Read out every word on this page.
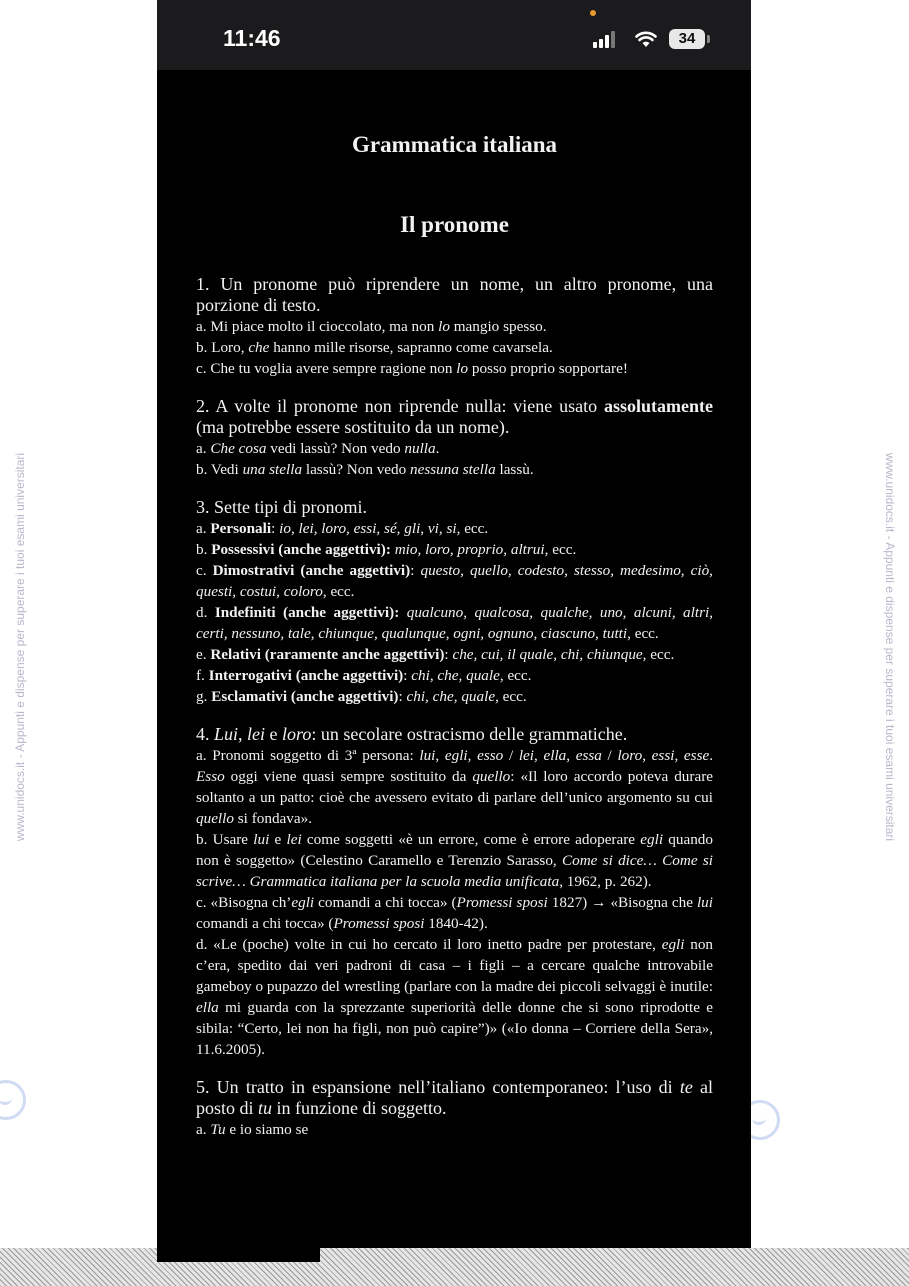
www.unidocs.it - Appunti e dispense per superare i tuoi esami universitari	www.unidocs.it - Appunti e dispense per superare i tuoi esami universitari
11:46	34
Grammatica italiana
Il pronome
1. Un pronome può riprendere un nome, un altro pronome, una porzione di testo.
a. Mi piace molto il cioccolato, ma non lo mangio spesso.
b. Loro, che hanno mille risorse, sapranno come cavarsela.
c. Che tu voglia avere sempre ragione non lo posso proprio sopportare!
2. A volte il pronome non riprende nulla: viene usato assolutamente (ma potrebbe essere sostituito da un nome).
a. Che cosa vedi lassù? Non vedo nulla.
b. Vedi una stella lassù? Non vedo nessuna stella lassù.
3. Sette tipi di pronomi.
a. Personali: io, lei, loro, essi, sé, gli, vi, si, ecc.
b. Possessivi (anche aggettivi): mio, loro, proprio, altrui, ecc.
c. Dimostrativi (anche aggettivi): questo, quello, codesto, stesso, medesimo, ciò, questi, costui, coloro, ecc.
d. Indefiniti (anche aggettivi): qualcuno, qualcosa, qualche, uno, alcuni, altri, certi, nessuno, tale, chiunque, qualunque, ogni, ognuno, ciascuno, tutti, ecc.
e. Relativi (raramente anche aggettivi): che, cui, il quale, chi, chiunque, ecc.
f. Interrogativi (anche aggettivi): chi, che, quale, ecc.
g. Esclamativi (anche aggettivi): chi, che, quale, ecc.
4. Lui, lei e loro: un secolare ostracismo delle grammatiche.
a. Pronomi soggetto di 3ª persona: lui, egli, esso / lei, ella, essa / loro, essi, esse. Esso oggi viene quasi sempre sostituito da quello: «Il loro accordo poteva durare soltanto a un patto: cioè che avessero evitato di parlare dell’unico argomento su cui quello si fondava».
b. Usare lui e lei come soggetti «è un errore, come è errore adoperare egli quando non è soggetto» (Celestino Caramello e Terenzio Sarasso, Come si dice… Come si scrive… Grammatica italiana per la scuola media unificata, 1962, p. 262).
c. «Bisogna ch’egli comandi a chi tocca» (Promessi sposi 1827) → «Bisogna che lui comandi a chi tocca» (Promessi sposi 1840-42).
d. «Le (poche) volte in cui ho cercato il loro inetto padre per protestare, egli non c’era, spedito dai veri padroni di casa – i figli – a cercare qualche introvabile gameboy o pupazzo del wrestling (parlare con la madre dei piccoli selvaggi è inutile: ella mi guarda con la sprezzante superiorità delle donne che si sono riprodotte e sibila: “Certo, lei non ha figli, non può capire”)» («Io donna – Corriere della Sera», 11.6.2005).
5. Un tratto in espansione nell’italiano contemporaneo: l’uso di te al posto di tu in funzione di soggetto.
a. Tu e io siamo se
